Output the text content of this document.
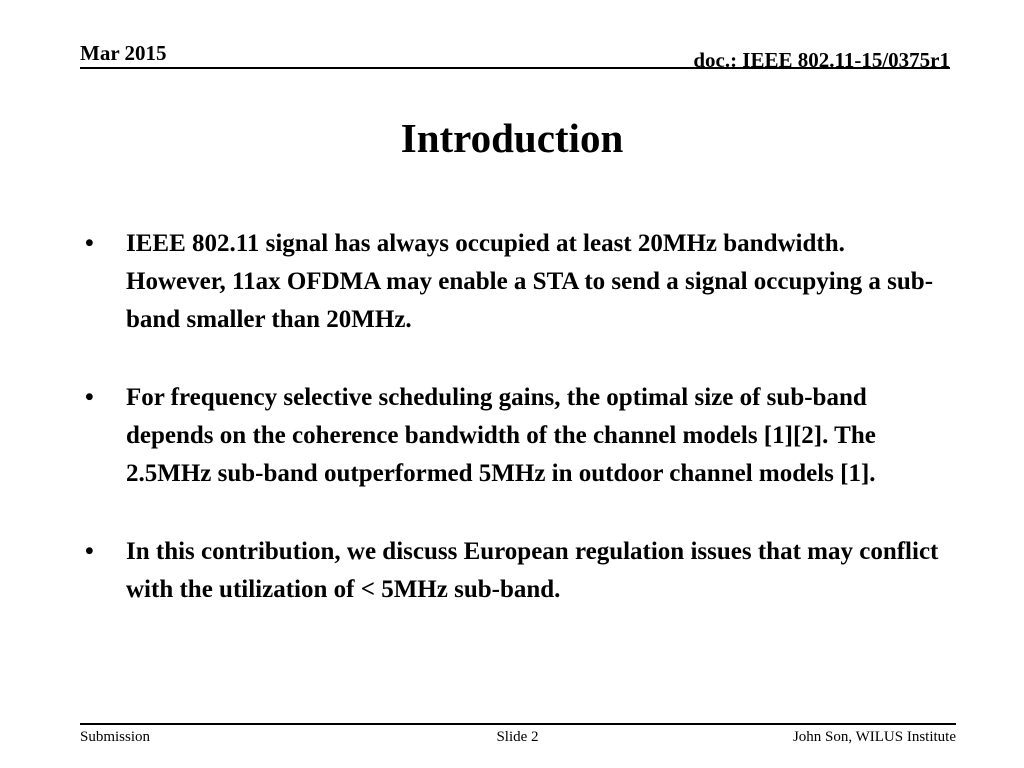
Mar 2015	doc.: IEEE 802.11-15/0375r1
Introduction
•	IEEE 802.11 signal has always occupied at least 20MHz bandwidth. However, 11ax OFDMA may enable a STA to send a signal occupying a sub-band smaller than 20MHz.
•	For frequency selective scheduling gains, the optimal size of sub-band depends on the coherence bandwidth of the channel models [1][2]. The 2.5MHz sub-band outperformed 5MHz in outdoor channel models [1].
•	In this contribution, we discuss European regulation issues that may conflict with the utilization of < 5MHz sub-band.
Submission	Slide 2	John Son, WILUS Institute
